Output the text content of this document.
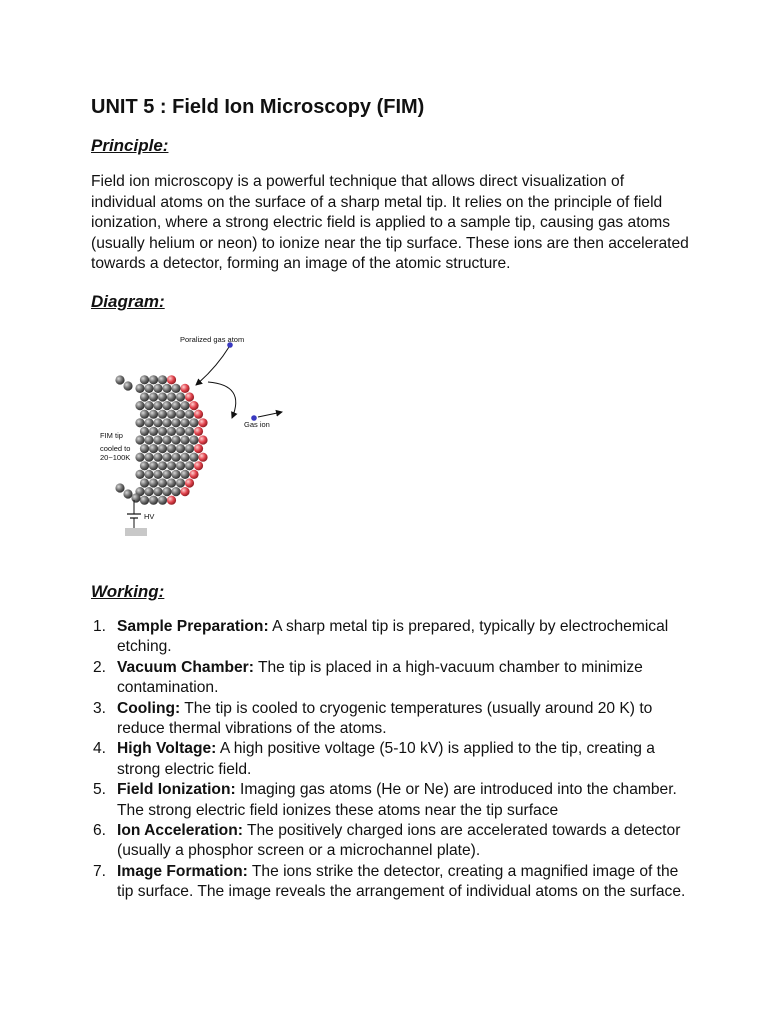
UNIT 5 : Field Ion Microscopy (FIM)
Principle:

Field ion microscopy is a powerful technique that allows direct visualization of individual atoms on the surface of a sharp metal tip. It relies on the principle of field ionization, where a strong electric field is applied to a sample tip, causing gas atoms (usually helium or neon) to ionize near the tip surface. These ions are then accelerated towards a detector, forming an image of the atomic structure.

Diagram:
Poralized gas atom
Gas ion
FIM tip
cooled to
20~100K
HV
Working:
1. Sample Preparation: A sharp metal tip is prepared, typically by electrochemical etching.
2. Vacuum Chamber: The tip is placed in a high-vacuum chamber to minimize contamination.
3. Cooling: The tip is cooled to cryogenic temperatures (usually around 20 K) to reduce thermal vibrations of the atoms.
4. High Voltage: A high positive voltage (5-10 kV) is applied to the tip, creating a strong electric field.
5. Field Ionization: Imaging gas atoms (He or Ne) are introduced into the chamber. The strong electric field ionizes these atoms near the tip surface
6. Ion Acceleration: The positively charged ions are accelerated towards a detector (usually a phosphor screen or a microchannel plate).
7. Image Formation: The ions strike the detector, creating a magnified image of the tip surface. The image reveals the arrangement of individual atoms on the surface.
